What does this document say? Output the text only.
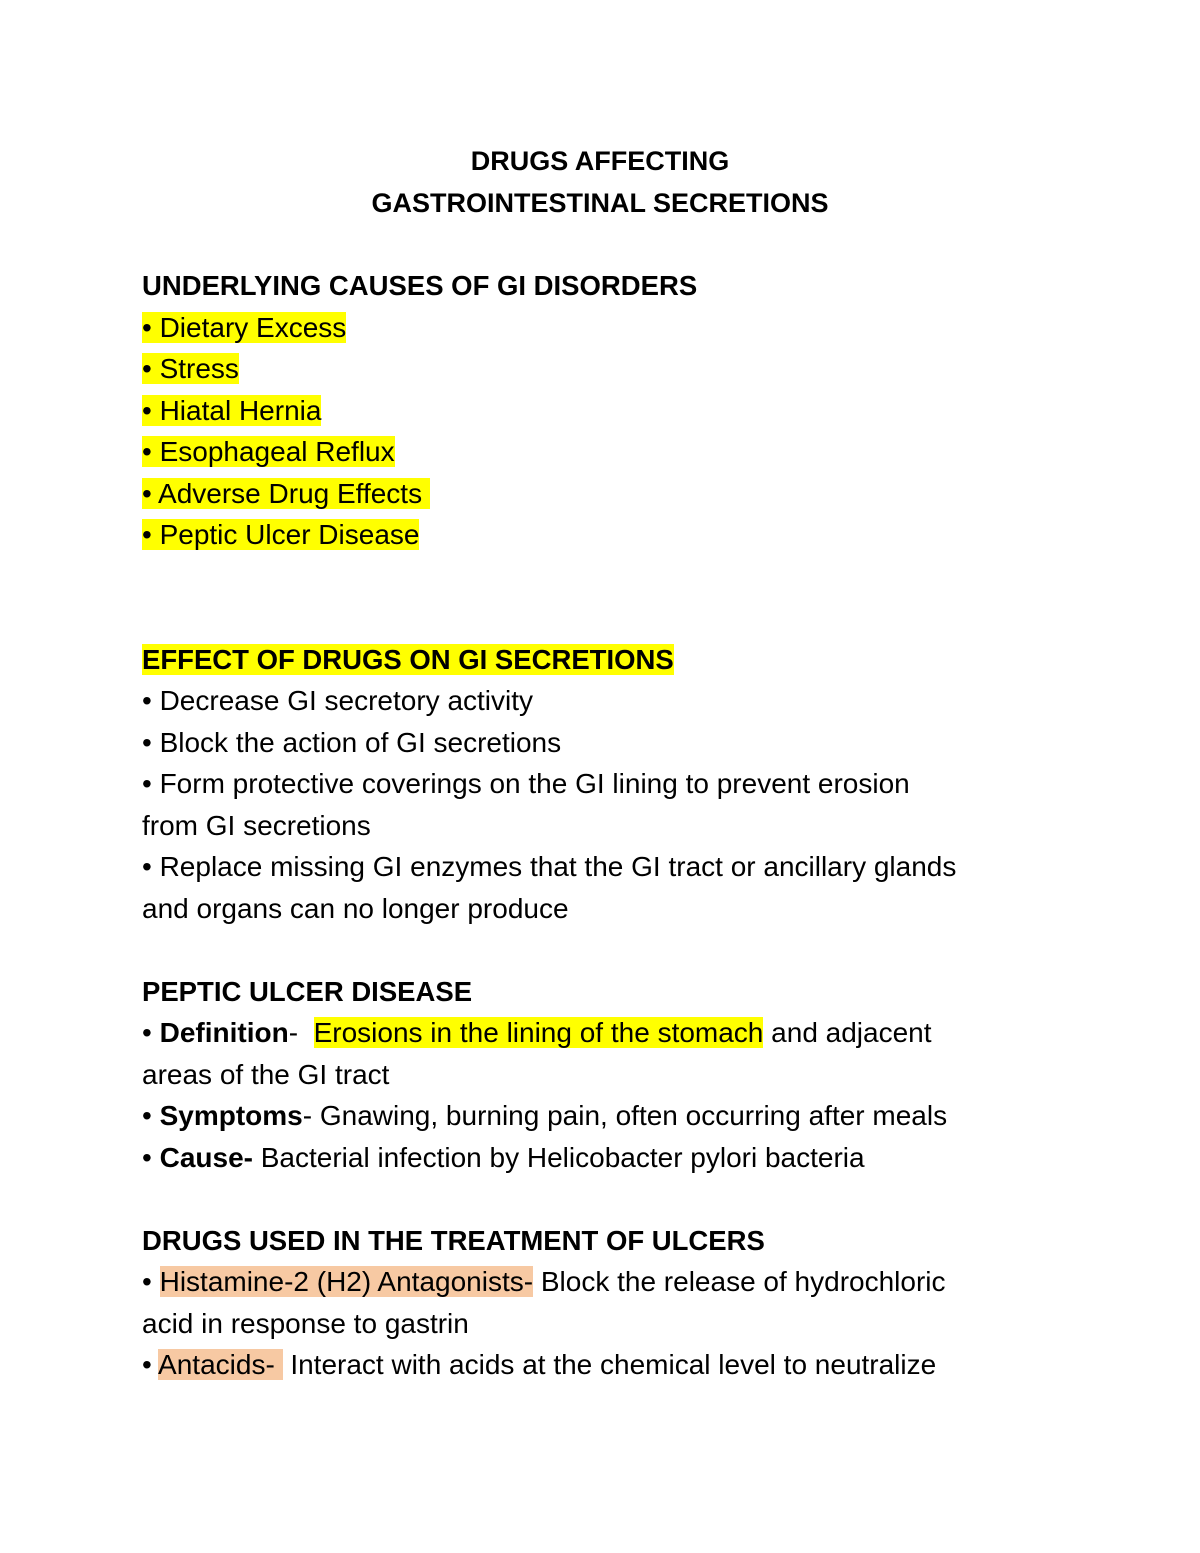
DRUGS AFFECTING
GASTROINTESTINAL SECRETIONS
UNDERLYING CAUSES OF GI DISORDERS
• Dietary Excess
• Stress
• Hiatal Hernia
• Esophageal Reflux
• Adverse Drug Effects
• Peptic Ulcer Disease
EFFECT OF DRUGS ON GI SECRETIONS
• Decrease GI secretory activity
• Block the action of GI secretions
• Form protective coverings on the GI lining to prevent erosion
from GI secretions
• Replace missing GI enzymes that the GI tract or ancillary glands
and organs can no longer produce
PEPTIC ULCER DISEASE
• Definition-  Erosions in the lining of the stomach and adjacent
areas of the GI tract
• Symptoms- Gnawing, burning pain, often occurring after meals
• Cause- Bacterial infection by Helicobacter pylori bacteria
DRUGS USED IN THE TREATMENT OF ULCERS
• Histamine-2 (H2) Antagonists- Block the release of hydrochloric
acid in response to gastrin
• Antacids-  Interact with acids at the chemical level to neutralize
